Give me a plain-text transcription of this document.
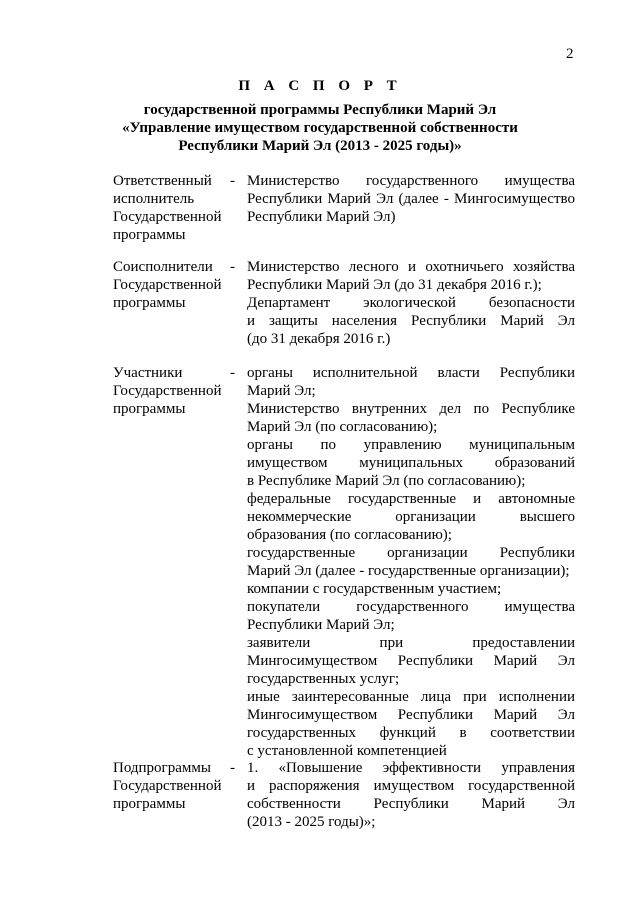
2
П А С П О Р Т
государственной программы Республики Марий Эл
«Управление имуществом государственной собственности
Республики Марий Эл (2013 - 2025 годы)»
Ответственный
исполнитель
Государственной
программы
- Министерство государственного имущества
Республики Марий Эл (далее - Мингосимущество
Республики Марий Эл)
Соисполнители
Государственной
программы
- Министерство лесного и охотничьего хозяйства
Республики Марий Эл (до 31 декабря 2016 г.);
Департамент экологической безопасности
и защиты населения Республики Марий Эл
(до 31 декабря 2016 г.)
Участники
Государственной
программы
- органы исполнительной власти Республики
Марий Эл;
Министерство внутренних дел по Республике
Марий Эл (по согласованию);
органы по управлению муниципальным
имуществом муниципальных образований
в Республике Марий Эл (по согласованию);
федеральные государственные и автономные
некоммерческие организации высшего
образования (по согласованию);
государственные организации Республики
Марий Эл (далее - государственные организации);
компании с государственным участием;
покупатели государственного имущества
Республики Марий Эл;
заявители при предоставлении
Мингосимуществом Республики Марий Эл
государственных услуг;
иные заинтересованные лица при исполнении
Мингосимуществом Республики Марий Эл
государственных функций в соответствии
с установленной компетенцией
Подпрограммы
Государственной
программы
- 1. «Повышение эффективности управления
и распоряжения имуществом государственной
собственности Республики Марий Эл
(2013 - 2025 годы)»;
